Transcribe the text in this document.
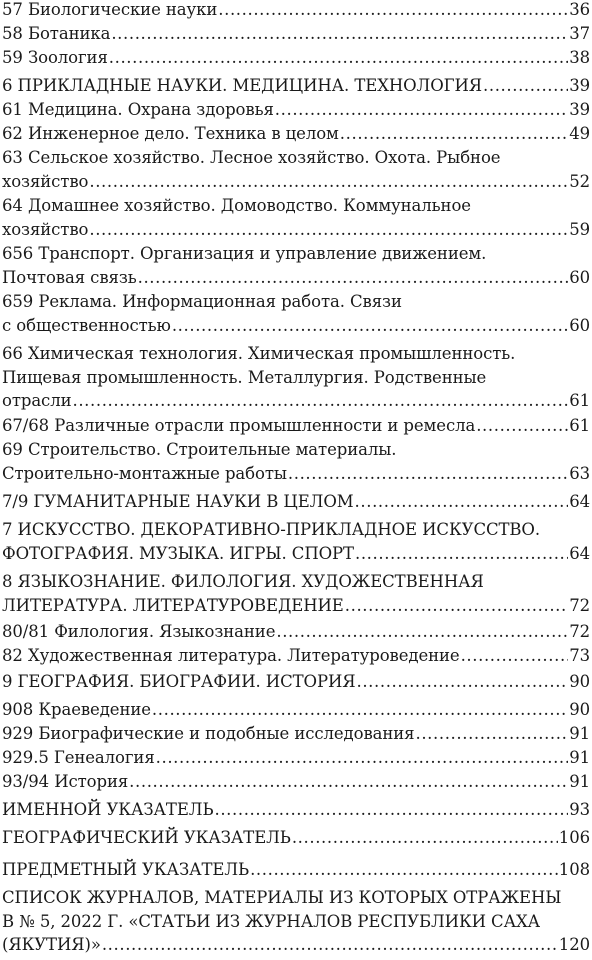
57 Биологические науки .....	36
58 Ботаника .....	37
59 Зоология .....	38
6 ПРИКЛАДНЫЕ НАУКИ. МЕДИЦИНА. ТЕХНОЛОГИЯ .....	39
61 Медицина. Охрана здоровья .....	39
62 Инженерное дело. Техника в целом .....	49
63 Сельское хозяйство. Лесное хозяйство. Охота. Рыбное
хозяйство .....	52
64 Домашнее хозяйство. Домоводство. Коммунальное
хозяйство .....	59
656 Транспорт. Организация и управление движением.
Почтовая связь .....	60
659 Реклама. Информационная работа. Связи
с общественностью .....	60
66 Химическая технология. Химическая промышленность.
Пищевая промышленность. Металлургия. Родственные
отрасли .....	61
67/68 Различные отрасли промышленности и ремесла .....	61
69 Строительство. Строительные материалы.
Строительно-монтажные работы .....	63
7/9 ГУМАНИТАРНЫЕ НАУКИ В ЦЕЛОМ .....	64
7 ИСКУССТВО. ДЕКОРАТИВНО-ПРИКЛАДНОЕ ИСКУССТВО.
ФОТОГРАФИЯ. МУЗЫКА. ИГРЫ. СПОРТ .....	64
8 ЯЗЫКОЗНАНИЕ. ФИЛОЛОГИЯ. ХУДОЖЕСТВЕННАЯ
ЛИТЕРАТУРА. ЛИТЕРАТУРОВЕДЕНИЕ .....	72
80/81 Филология. Языкознание .....	72
82 Художественная литература. Литературоведение .....	73
9 ГЕОГРАФИЯ. БИОГРАФИИ. ИСТОРИЯ .....	90
908 Краеведение .....	90
929 Биографические и подобные исследования .....	91
929.5 Генеалогия .....	91
93/94 История .....	91
ИМЕННОЙ УКАЗАТЕЛЬ .....	93
ГЕОГРАФИЧЕСКИЙ УКАЗАТЕЛЬ .....	106
ПРЕДМЕТНЫЙ УКАЗАТЕЛЬ .....	108
СПИСОК ЖУРНАЛОВ, МАТЕРИАЛЫ ИЗ КОТОРЫХ ОТРАЖЕНЫ
В № 5, 2022 Г. «СТАТЬИ ИЗ ЖУРНАЛОВ РЕСПУБЛИКИ САХА
(ЯКУТИЯ)» .....	120
